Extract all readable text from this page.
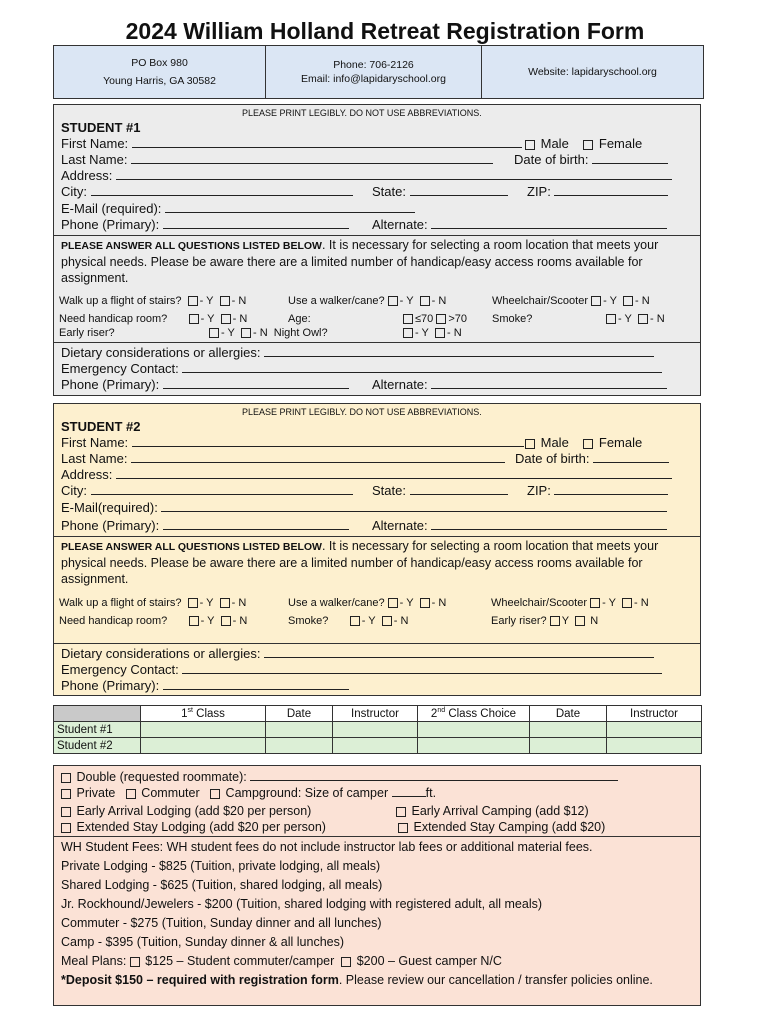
2024 William Holland Retreat Registration Form
PO Box 980
Young Harris, GA 30582
Phone: 706-2126
Email: info@lapidaryschool.org
Website: lapidaryschool.org
PLEASE PRINT LEGIBLY. DO NOT USE ABBREVIATIONS.
STUDENT #1
First Name:	Male Female
Last Name:	Date of birth:
Address:
City:	State:	ZIP:
E-Mail (required):
Phone (Primary):	Alternate:
PLEASE ANSWER ALL QUESTIONS LISTED BELOW. It is necessary for selecting a room location that meets your physical needs. Please be aware there are a limited number of handicap/easy access rooms available for assignment.
Walk up a flight of stairs? - Y - N	Use a walker/cane? - Y - N	Wheelchair/Scooter - Y - N
Need handicap room?	- Y - N	Age:	≤70 >70 Smoke?	- Y - N
Early riser?	- Y - N Night Owl?	- Y - N
Dietary considerations or allergies:
Emergency Contact:
Phone (Primary):	Alternate:
PLEASE PRINT LEGIBLY. DO NOT USE ABBREVIATIONS.
STUDENT #2
First Name:	Male Female
Last Name:	Date of birth:
Address:
City:	State:	ZIP:
E-Mail(required):
Phone (Primary):	Alternate:
PLEASE ANSWER ALL QUESTIONS LISTED BELOW. It is necessary for selecting a room location that meets your physical needs. Please be aware there are a limited number of handicap/easy access rooms available for assignment.
Walk up a flight of stairs? - Y - N	Use a walker/cane? - Y - N	Wheelchair/Scooter - Y - N
Need handicap room?	- Y - N	Smoke?	- Y - N	Early riser? Y N
Dietary considerations or allergies:
Emergency Contact:
Phone (Primary):
	1st Class	Date	Instructor	2nd Class Choice	Date	Instructor
Student #1						
Student #2						
Double (requested roommate):
Private Commuter Campground: Size of camper	ft.
Early Arrival Lodging (add $20 per person)	Early Arrival Camping (add $12)
Extended Stay Lodging (add $20 per person)	Extended Stay Camping (add $20)
WH Student Fees: WH student fees do not include instructor lab fees or additional material fees.
Private Lodging - $825 (Tuition, private lodging, all meals)
Shared Lodging - $625 (Tuition, shared lodging, all meals)
Jr. Rockhound/Jewelers - $200 (Tuition, shared lodging with registered adult, all meals)
Commuter - $275 (Tuition, Sunday dinner and all lunches)
Camp - $395 (Tuition, Sunday dinner & all lunches)
Meal Plans: $125 – Student commuter/camper $200 – Guest camper N/C
*Deposit $150 – required with registration form. Please review our cancellation / transfer policies online.
